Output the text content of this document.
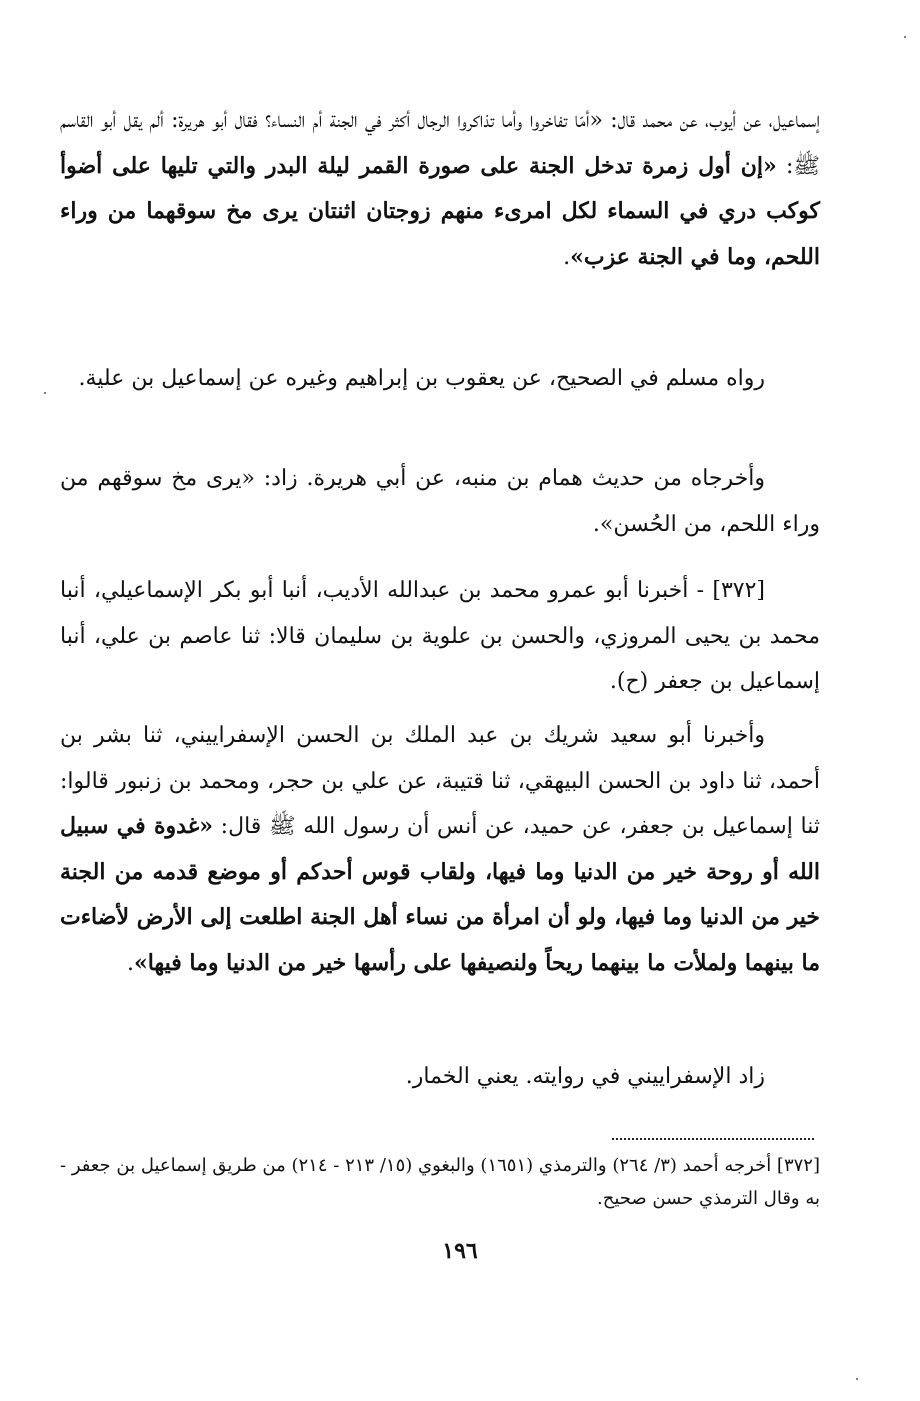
إسماعيل، عن أيوب، عن محمد قال: «أمّا تفاخروا وأما تذاكروا الرجال أكثر في الجنة أم النساء؟ فقال أبو هريرة: ألم يقل أبو القاسم ﷺ: «إن أول زمرة تدخل الجنة على صورة القمر ليلة البدر والتي تليها على أضوأ كوكب دري في السماء لكل امرىء منهم زوجتان اثنتان يرى مخ سوقهما من وراء اللحم، وما في الجنة عزب».

رواه مسلم في الصحيح، عن يعقوب بن إبراهيم وغيره عن إسماعيل بن علية.

وأخرجاه من حديث همام بن منبه، عن أبي هريرة. زاد: «يرى مخ سوقهم من وراء اللحم، من الحُسن».

[٣٧٢] - أخبرنا أبو عمرو محمد بن عبدالله الأديب، أنبا أبو بكر الإسماعيلي، أنبا محمد بن يحيى المروزي، والحسن بن علوية بن سليمان قالا: ثنا عاصم بن علي، أنبا إسماعيل بن جعفر (ح).

وأخبرنا أبو سعيد شريك بن عبد الملك بن الحسن الإسفراييني، ثنا بشر بن أحمد، ثنا داود بن الحسن البيهقي، ثنا قتيبة، عن علي بن حجر، ومحمد بن زنبور قالوا: ثنا إسماعيل بن جعفر، عن حميد، عن أنس أن رسول الله ﷺ قال: «غدوة في سبيل الله أو روحة خير من الدنيا وما فيها، ولقاب قوس أحدكم أو موضع قدمه من الجنة خير من الدنيا وما فيها، ولو أن امرأة من نساء أهل الجنة اطلعت إلى الأرض لأضاءت ما بينهما ولملأت ما بينهما ريحاً ولنصيفها على رأسها خير من الدنيا وما فيها».

زاد الإسفراييني في روايته. يعني الخمار.

[٣٧٢] أخرجه أحمد (٣/ ٢٦٤) والترمذي (١٦٥١) والبغوي (١٥/ ٢١٣ - ٢١٤) من طريق إسماعيل بن جعفر - به وقال الترمذي حسن صحيح.

١٩٦
